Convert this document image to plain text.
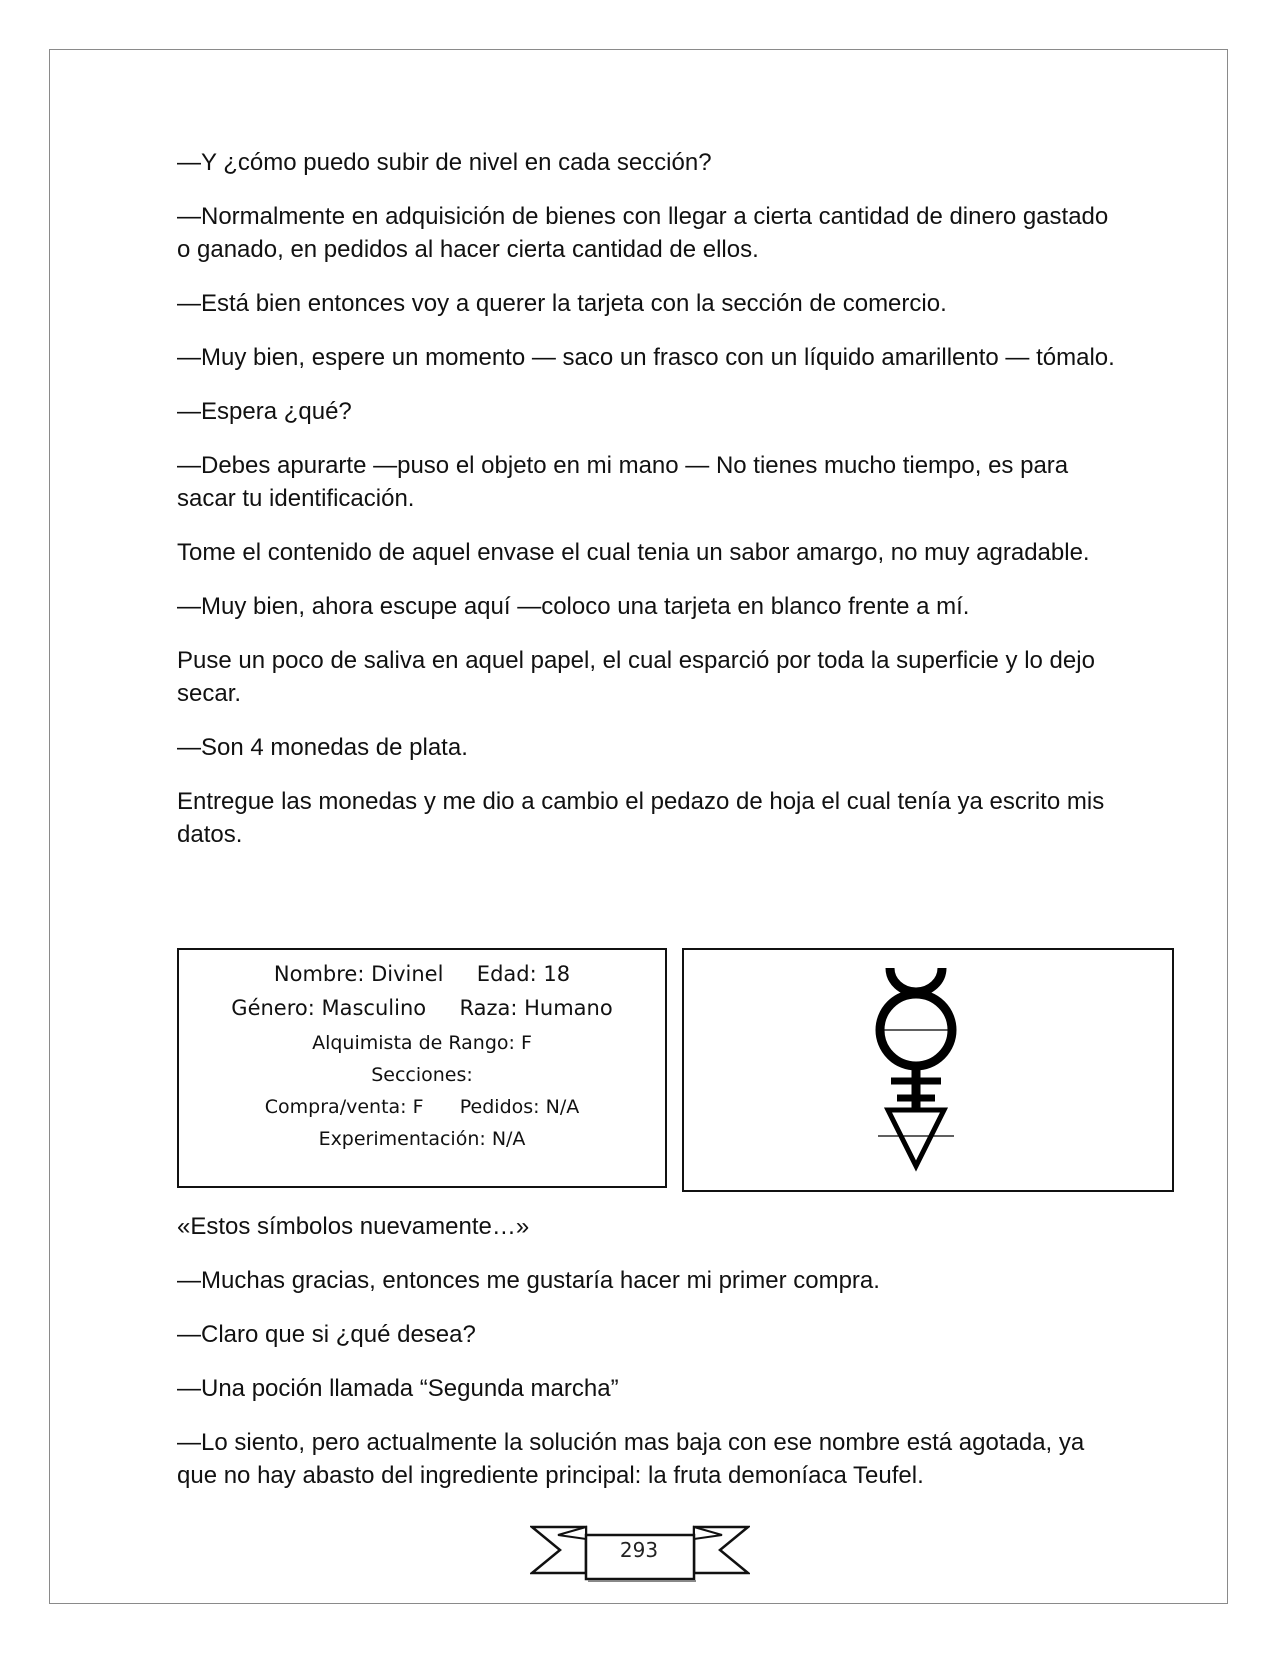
—Y ¿cómo puedo subir de nivel en cada sección?

—Normalmente en adquisición de bienes con llegar a cierta cantidad de dinero gastado o ganado, en pedidos al hacer cierta cantidad de ellos.

—Está bien entonces voy a querer la tarjeta con la sección de comercio.

—Muy bien, espere un momento — saco un frasco con un líquido amarillento — tómalo.

—Espera ¿qué?

—Debes apurarte —puso el objeto en mi mano — No tienes mucho tiempo, es para sacar tu identificación.

Tome el contenido de aquel envase el cual tenia un sabor amargo, no muy agradable.

—Muy bien, ahora escupe aquí —coloco una tarjeta en blanco frente a mí.

Puse un poco de saliva en aquel papel, el cual esparció por toda la superficie y lo dejo secar.

—Son 4 monedas de plata.

Entregue las monedas y me dio a cambio el pedazo de hoja el cual tenía ya escrito mis datos.

Nombre: Divinel     Edad: 18
Género: Masculino     Raza: Humano
Alquimista de Rango: F
Secciones:
Compra/venta: F      Pedidos: N/A
Experimentación: N/A

«Estos símbolos nuevamente…»

—Muchas gracias, entonces me gustaría hacer mi primer compra.

—Claro que si ¿qué desea?

—Una poción llamada “Segunda marcha”

—Lo siento, pero actualmente la solución mas baja con ese nombre está agotada, ya que no hay abasto del ingrediente principal: la fruta demoníaca Teufel.

293
